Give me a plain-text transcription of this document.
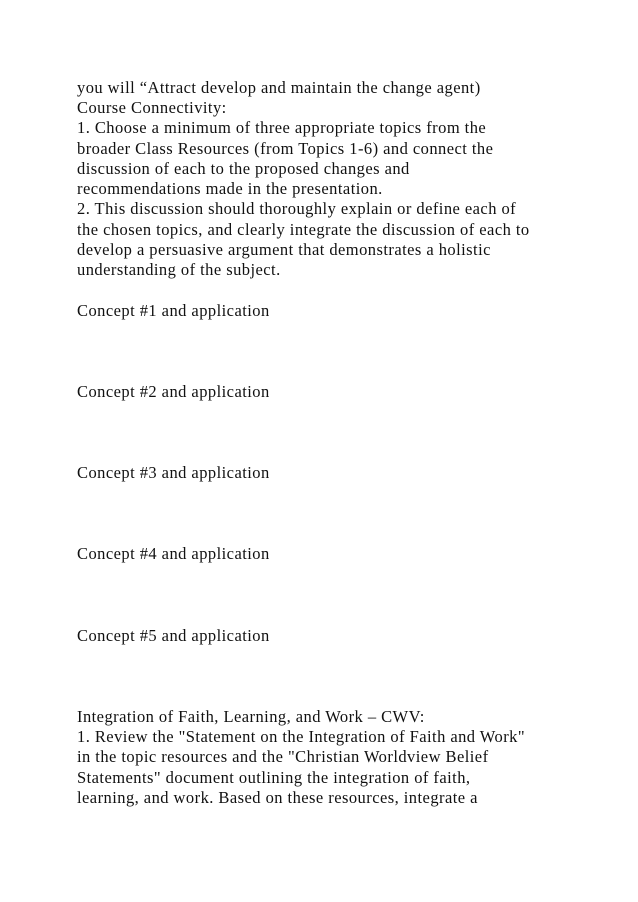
you will “Attract develop and maintain the change agent)

Course Connectivity:

1. Choose a minimum of three appropriate topics from the

broader Class Resources (from Topics 1-6) and connect the

discussion of each to the proposed changes and

recommendations made in the presentation.

2. This discussion should thoroughly explain or define each of

the chosen topics, and clearly integrate the discussion of each to

develop a persuasive argument that demonstrates a holistic

understanding of the subject.

Concept #1 and application

Concept #2 and application

Concept #3 and application

Concept #4 and application

Concept #5 and application

Integration of Faith, Learning, and Work – CWV:

1. Review the "Statement on the Integration of Faith and Work"

in the topic resources and the "Christian Worldview Belief

Statements" document outlining the integration of faith,

learning, and work. Based on these resources, integrate a
